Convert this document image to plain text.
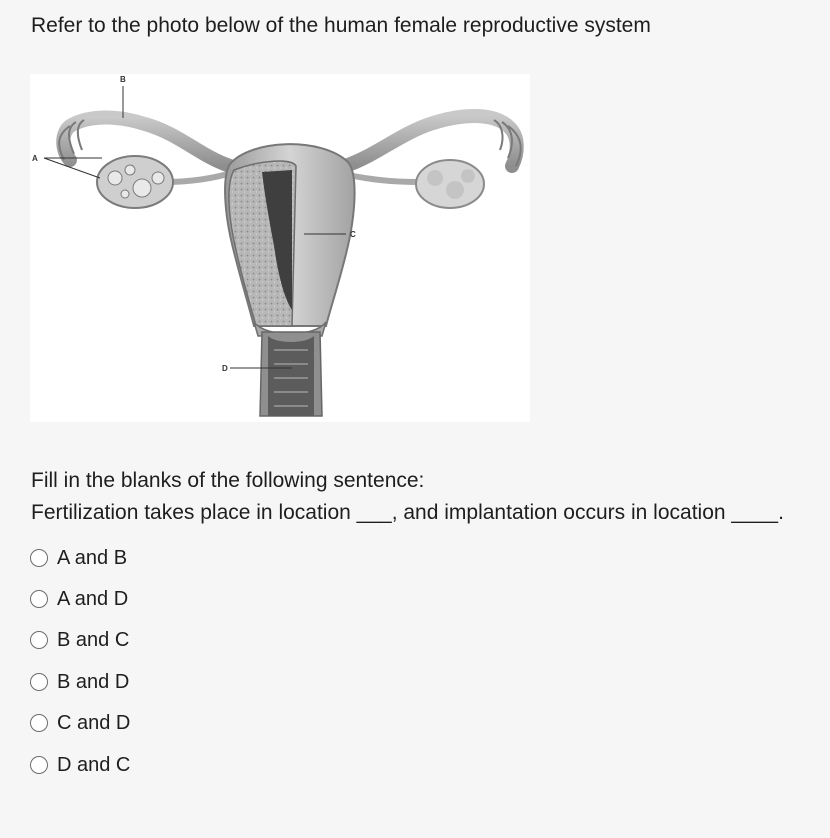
Refer to the photo below of the human female reproductive system
A
B
C
D
Fill in the blanks of the following sentence:
Fertilization takes place in location ___, and implantation occurs in location ____.
A and B
A and D
B and C
B and D
C and D
D and C
